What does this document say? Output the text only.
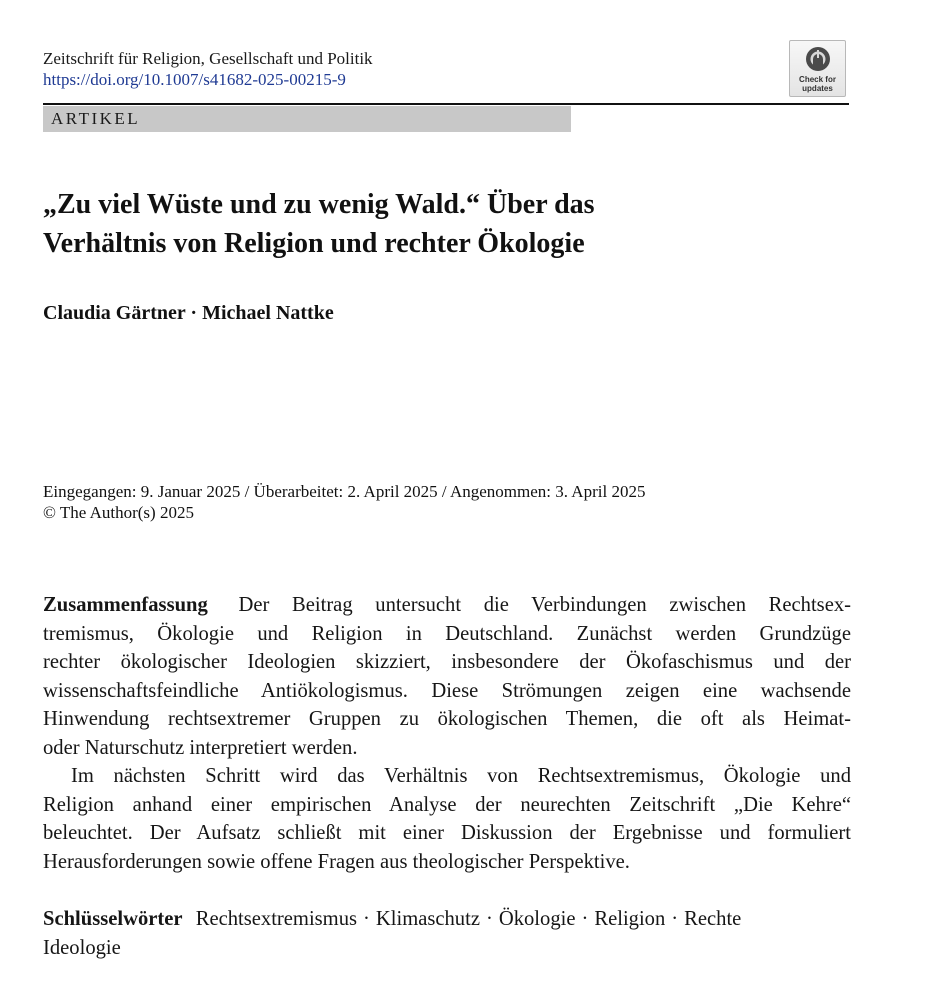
Zeitschrift für Religion, Gesellschaft und Politik
https://doi.org/10.1007/s41682-025-00215-9	Check for
updates
ARTIKEL
„Zu viel Wüste und zu wenig Wald.“ Über das
Verhältnis von Religion und rechter Ökologie
Claudia Gärtner · Michael Nattke
Eingegangen: 9. Januar 2025 / Überarbeitet: 2. April 2025 / Angenommen: 3. April 2025
© The Author(s) 2025
Zusammenfassung Der Beitrag untersucht die Verbindungen zwischen Rechtsex-
tremismus, Ökologie und Religion in Deutschland. Zunächst werden Grundzüge
rechter ökologischer Ideologien skizziert, insbesondere der Ökofaschismus und der
wissenschaftsfeindliche Antiökologismus. Diese Strömungen zeigen eine wachsende
Hinwendung rechtsextremer Gruppen zu ökologischen Themen, die oft als Heimat-
oder Naturschutz interpretiert werden.
Im nächsten Schritt wird das Verhältnis von Rechtsextremismus, Ökologie und
Religion anhand einer empirischen Analyse der neurechten Zeitschrift „Die Kehre“
beleuchtet. Der Aufsatz schließt mit einer Diskussion der Ergebnisse und formuliert
Herausforderungen sowie offene Fragen aus theologischer Perspektive.
Schlüsselwörter Rechtsextremismus · Klimaschutz · Ökologie · Religion · Rechte
Ideologie
